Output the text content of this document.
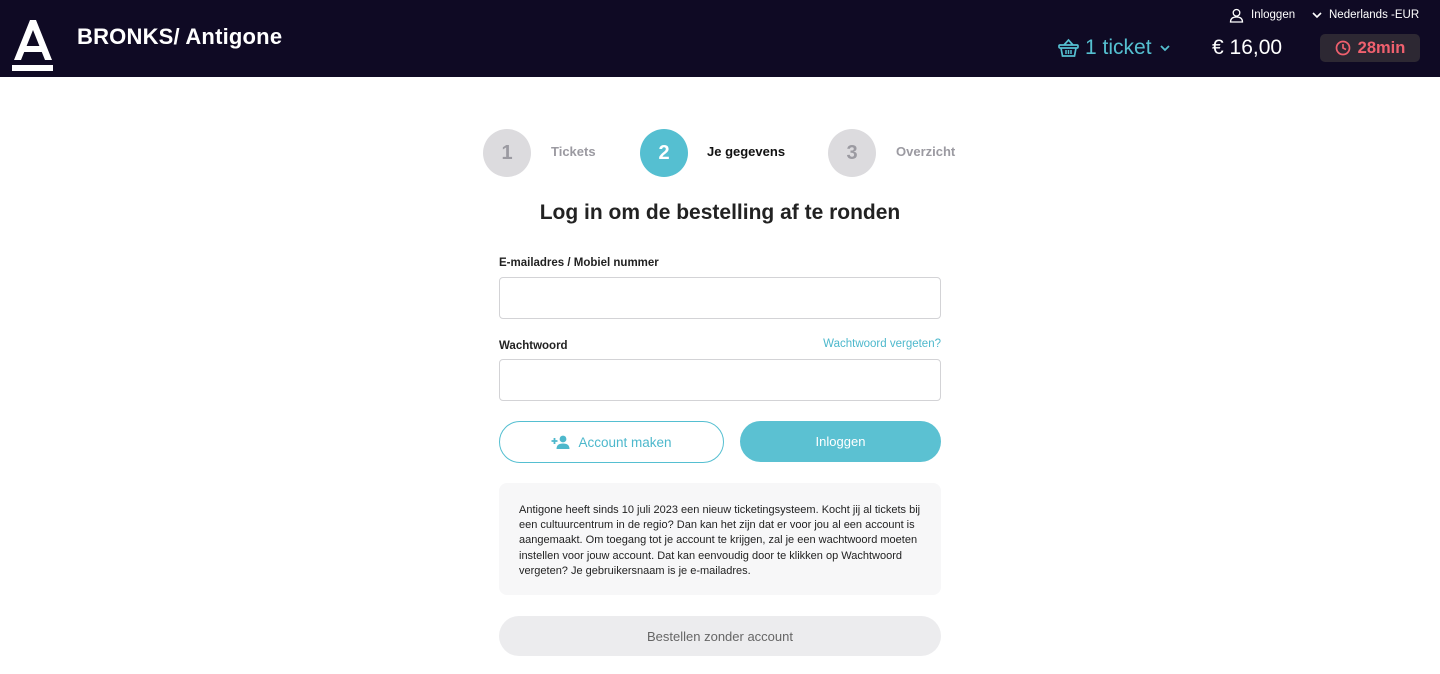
BRONKS/ Antigone
Inloggen	Nederlands -EUR
1 ticket	€ 16,00	28min
1	Tickets	2	Je gegevens	3	Overzicht
Log in om de bestelling af te ronden
E-mailadres / Mobiel nummer
Wachtwoord	Wachtwoord vergeten?
Account maken	Inloggen
Antigone heeft sinds 10 juli 2023 een nieuw ticketingsysteem. Kocht jij al tickets bij een cultuurcentrum in de regio? Dan kan het zijn dat er voor jou al een account is aangemaakt. Om toegang tot je account te krijgen, zal je een wachtwoord moeten instellen voor jouw account. Dat kan eenvoudig door te klikken op Wachtwoord vergeten? Je gebruikersnaam is je e-mailadres.
Bestellen zonder account
